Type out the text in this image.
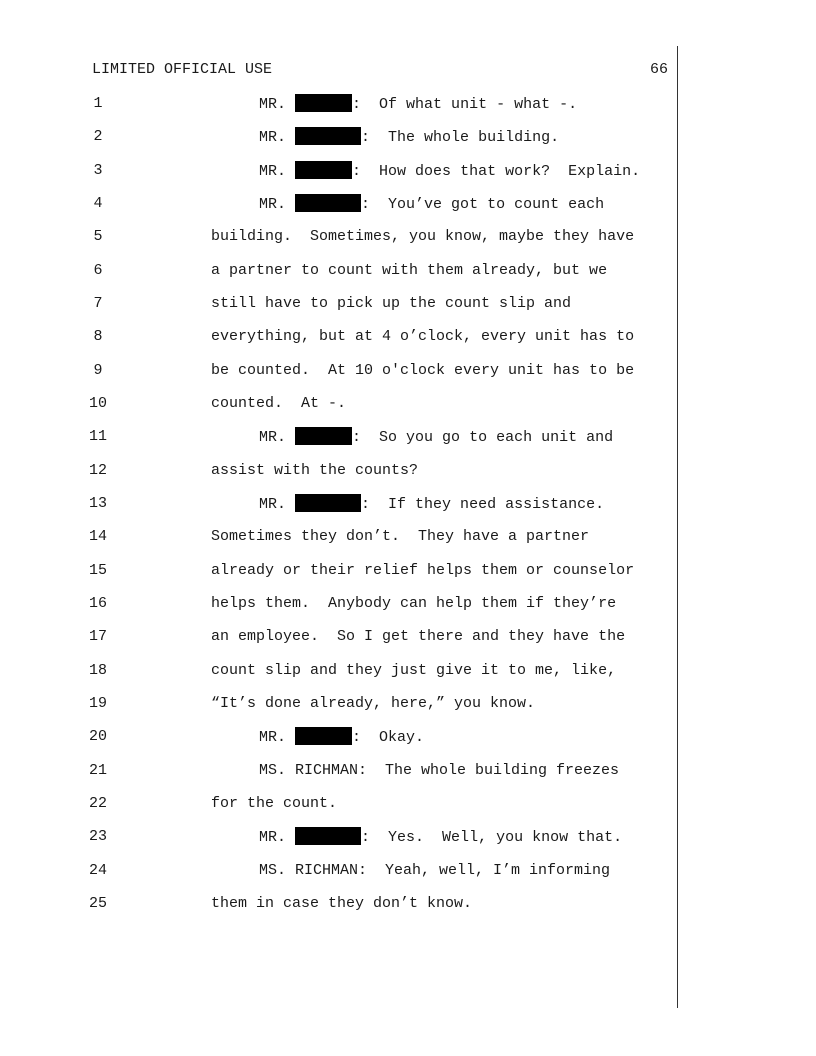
LIMITED OFFICIAL USE	66
1	MR.	:  Of what unit - what -.
2	MR.	:  The whole building.
3	MR.	:  How does that work?  Explain.
4	MR.	:  You’ve got to count each
5	building.  Sometimes, you know, maybe they have
6	a partner to count with them already, but we
7	still have to pick up the count slip and
8	everything, but at 4 o’clock, every unit has to
9	be counted.  At 10 o'clock every unit has to be
10	counted.  At -.
11	MR.	:  So you go to each unit and
12	assist with the counts?
13	MR.	:  If they need assistance.
14	Sometimes they don’t.  They have a partner
15	already or their relief helps them or counselor
16	helps them.  Anybody can help them if they’re
17	an employee.  So I get there and they have the
18	count slip and they just give it to me, like,
19	“It’s done already, here,” you know.
20	MR.	:  Okay.
21	MS. RICHMAN:  The whole building freezes
22	for the count.
23	MR.	:  Yes.  Well, you know that.
24	MS. RICHMAN:  Yeah, well, I’m informing
25	them in case they don’t know.
